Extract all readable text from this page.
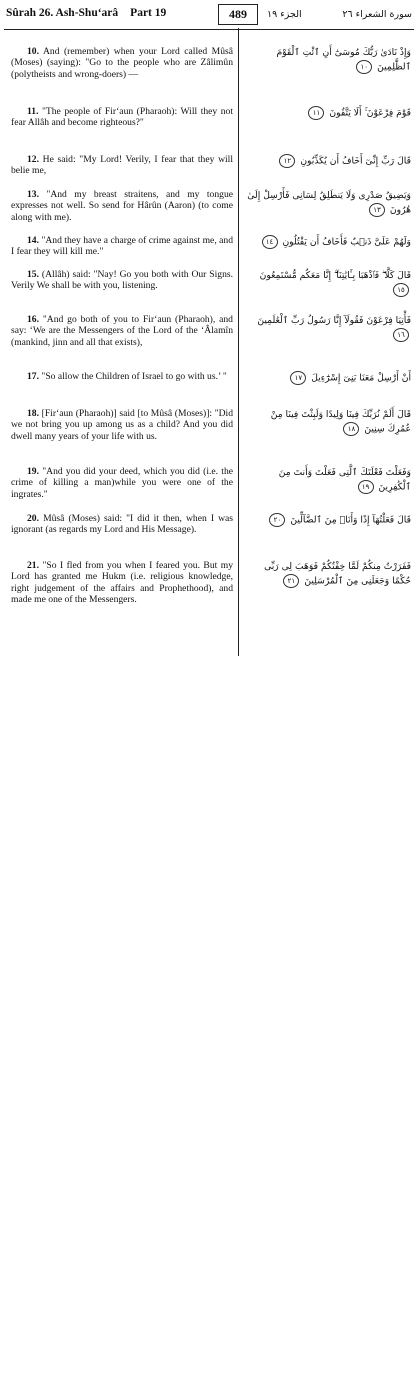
Sûrah 26. Ash-Shu‘arâ Part 19	489	الجزء ١٩	سورة الشعراء ٢٦
10. And (remember) when your Lord called Mûsâ (Moses) (saying): "Go to the people who are Zâlimûn (polytheists and wrong-doers) —
وَإِذْ نَادَىٰ رَبُّكَ مُوسَىٰٓ أَنِ ٱئْتِ ٱلْقَوْمَ ٱلظَّٰلِمِينَ ١٠
11. "The people of Fir‘aun (Pharaoh): Will they not fear Allâh and become righteous?"
قَوْمَ فِرْعَوْنَ ۚ أَلَا يَتَّقُونَ ١١
12. He said: "My Lord! Verily, I fear that they will belie me,
قَالَ رَبِّ إِنِّىٓ أَخَافُ أَن يُكَذِّبُونِ ١٢
13. "And my breast straitens, and my tongue expresses not well. So send for Hârûn (Aaron) (to come along with me).
وَيَضِيقُ صَدْرِى وَلَا يَنطَلِقُ لِسَانِى فَأَرْسِلْ إِلَىٰ هَٰرُونَ ١٣
14. "And they have a charge of crime against me, and I fear they will kill me."
وَلَهُمْ عَلَىَّ ذَنۢبٌ فَأَخَافُ أَن يَقْتُلُونِ ١٤
15. (Allâh) said: "Nay! Go you both with Our Signs. Verily We shall be with you, listening.
قَالَ كَلَّا ۖ فَٱذْهَبَا بِـَٔايَٰتِنَآ ۖ إِنَّا مَعَكُم مُّسْتَمِعُونَ ١٥
16. "And go both of you to Fir‘aun (Pharaoh), and say: ‘We are the Messengers of the Lord of the ‘Âlamîn (mankind, jinn and all that exists),
فَأْتِيَا فِرْعَوْنَ فَقُولَآ إِنَّا رَسُولُ رَبِّ ٱلْعَٰلَمِينَ ١٦
17. "So allow the Children of Israel to go with us.’ "	أَنْ أَرْسِلْ مَعَنَا بَنِىٓ إِسْرَٰٓءِيلَ ١٧
18. [Fir‘aun (Pharaoh)] said [to Mûsâ (Moses)]: "Did we not bring you up among us as a child? And you did dwell many years of your life with us.
قَالَ أَلَمْ نُرَبِّكَ فِينَا وَلِيدًا وَلَبِثْتَ فِينَا مِنْ عُمُرِكَ سِنِينَ ١٨
19. "And you did your deed, which you did (i.e. the crime of killing a man)while you were one of the ingrates."
وَفَعَلْتَ فَعْلَتَكَ ٱلَّتِى فَعَلْتَ وَأَنتَ مِنَ ٱلْكَٰفِرِينَ ١٩
20. Mûsâ (Moses) said: "I did it then, when I was ignorant (as regards my Lord and His Message).
قَالَ فَعَلْتُهَآ إِذًا وَأَنَا۠ مِنَ ٱلضَّآلِّينَ ٢٠
21. "So I fled from you when I feared you. But my Lord has granted me Hukm (i.e. religious knowledge, right judgement of the affairs and Prophethood), and made me one of the Messengers.
فَفَرَرْتُ مِنكُمْ لَمَّا خِفْتُكُمْ فَوَهَبَ لِى رَبِّى حُكْمًا وَجَعَلَنِى مِنَ ٱلْمُرْسَلِينَ ٢١
